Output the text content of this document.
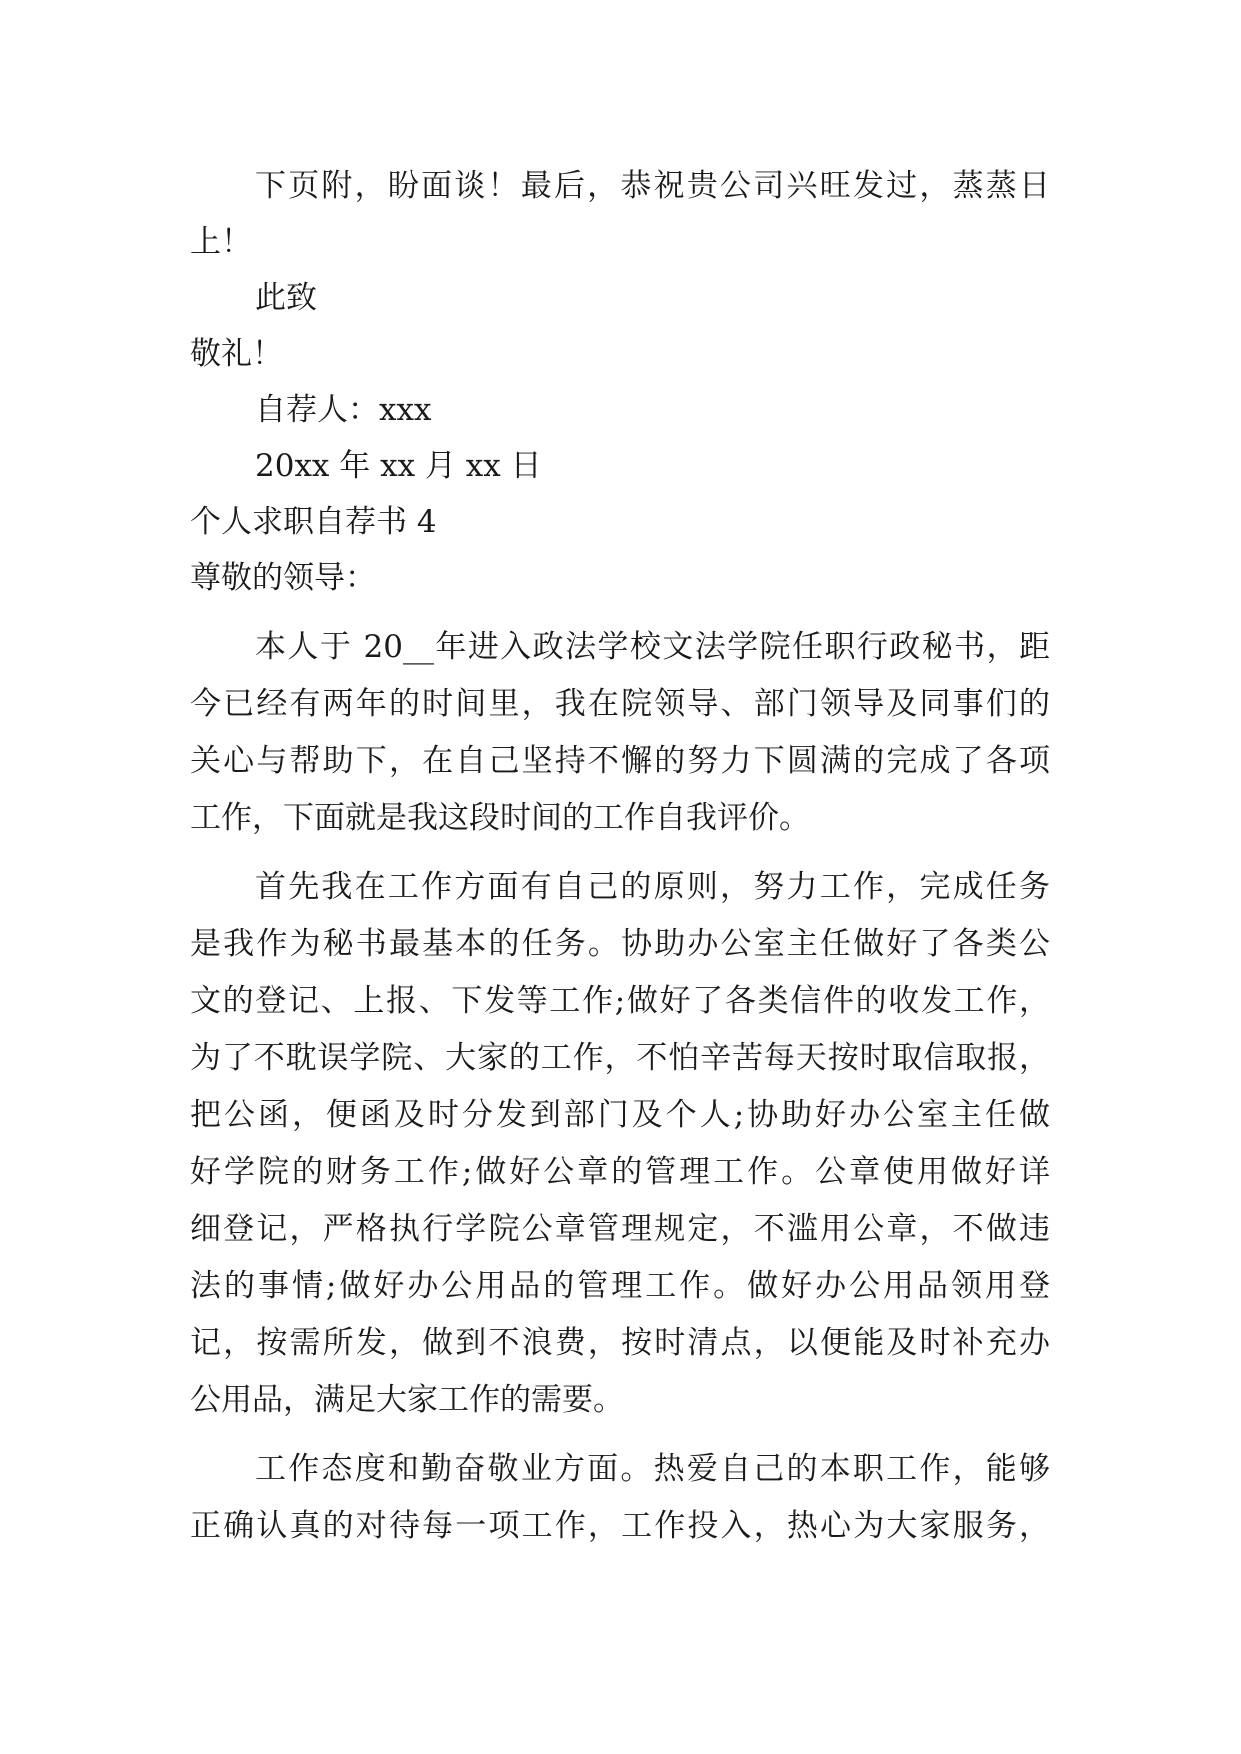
下页附，盼面谈！最后，恭祝贵公司兴旺发过，蒸蒸日
上！
此致
敬礼！
自荐人：xxx
20xx 年 xx 月 xx 日
个人求职自荐书 4
尊敬的领导：
本人于 20__年进入政法学校文法学院任职行政秘书，距
今已经有两年的时间里，我在院领导、部门领导及同事们的
关心与帮助下，在自己坚持不懈的努力下圆满的完成了各项
工作，下面就是我这段时间的工作自我评价。
首先我在工作方面有自己的原则，努力工作，完成任务
是我作为秘书最基本的任务。协助办公室主任做好了各类公
文的登记、上报、下发等工作;做好了各类信件的收发工作，
为了不耽误学院、大家的工作，不怕辛苦每天按时取信取报，
把公函，便函及时分发到部门及个人;协助好办公室主任做
好学院的财务工作;做好公章的管理工作。公章使用做好详
细登记，严格执行学院公章管理规定，不滥用公章，不做违
法的事情;做好办公用品的管理工作。做好办公用品领用登
记，按需所发，做到不浪费，按时清点，以便能及时补充办
公用品，满足大家工作的需要。
工作态度和勤奋敬业方面。热爱自己的本职工作，能够
正确认真的对待每一项工作，工作投入，热心为大家服务，
